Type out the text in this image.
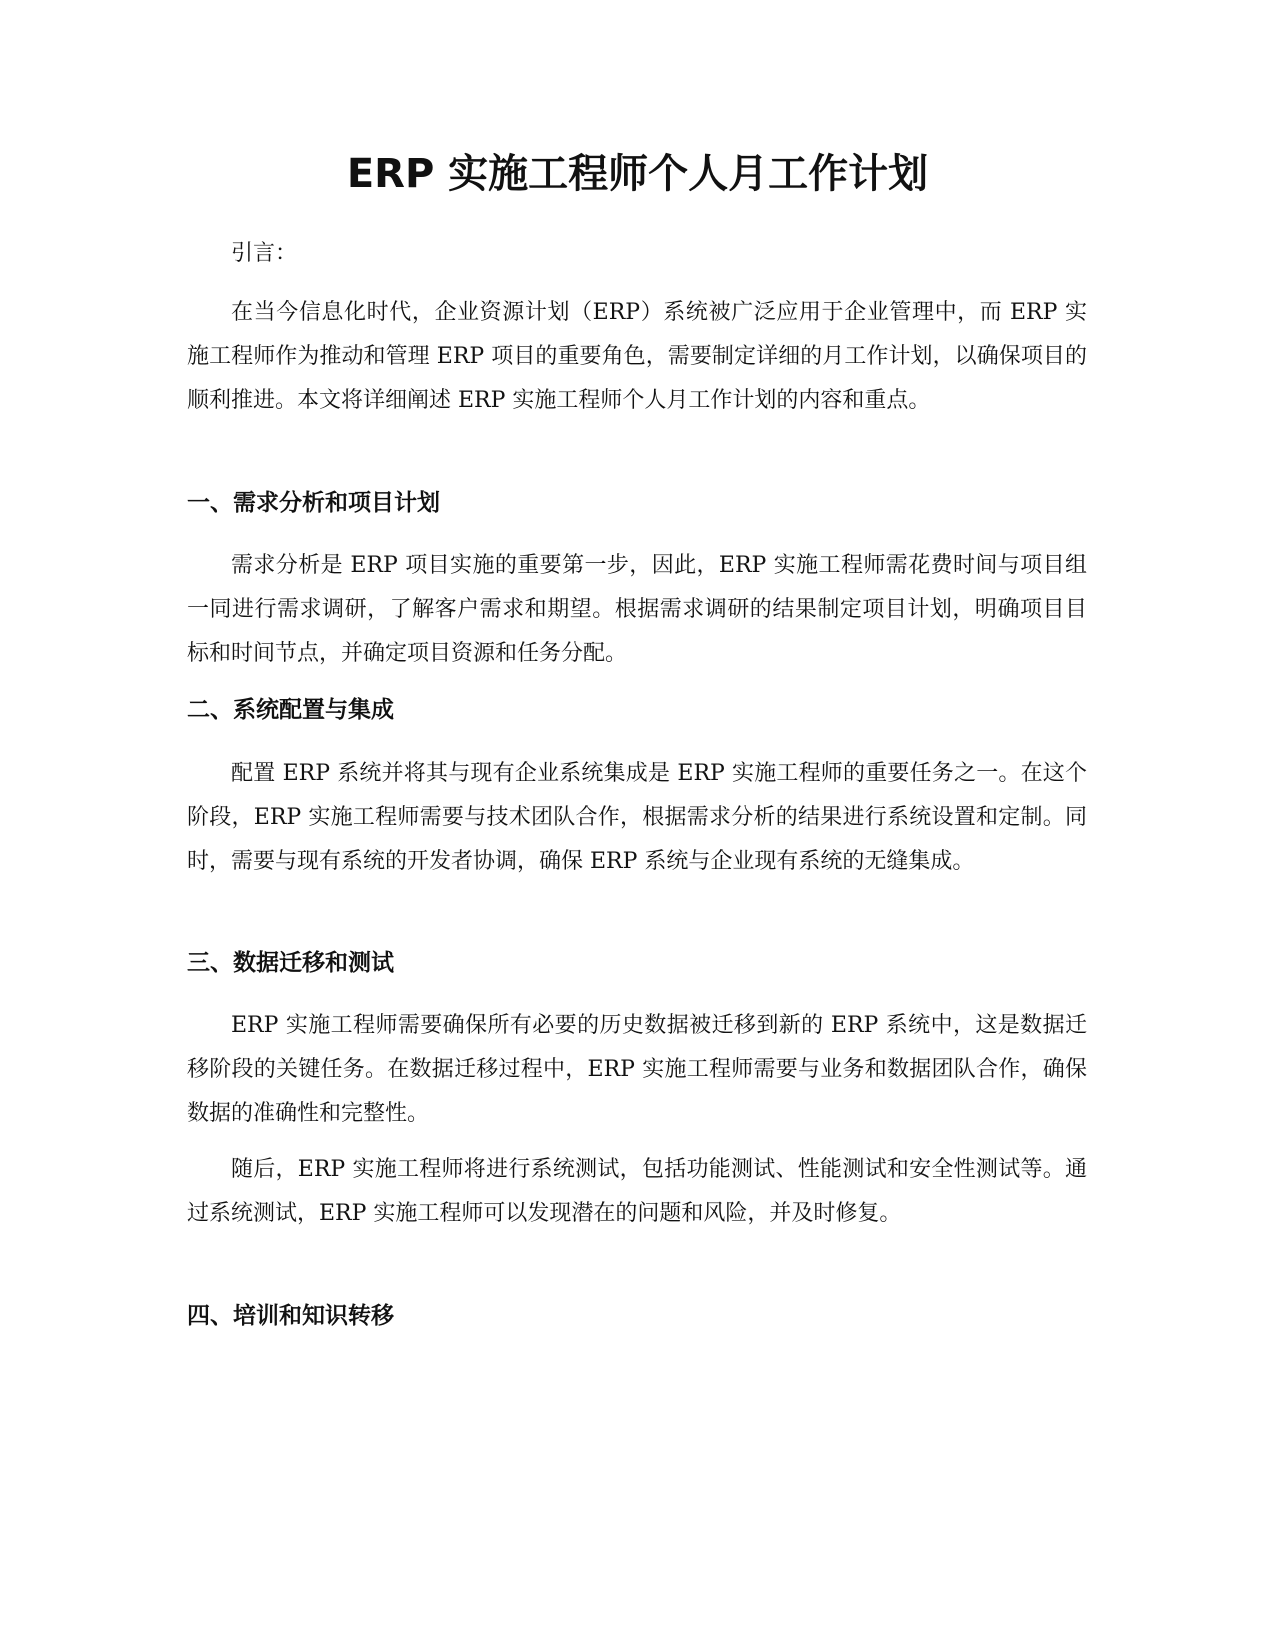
ERP 实施工程师个人月工作计划

引言：

在当今信息化时代，企业资源计划（ERP）系统被广泛应用于企业管理中，而 ERP 实施工程师作为推动和管理 ERP 项目的重要角色，需要制定详细的月工作计划，以确保项目的顺利推进。本文将详细阐述 ERP 实施工程师个人月工作计划的内容和重点。

一、需求分析和项目计划

需求分析是 ERP 项目实施的重要第一步，因此，ERP 实施工程师需花费时间与项目组一同进行需求调研，了解客户需求和期望。根据需求调研的结果制定项目计划，明确项目目标和时间节点，并确定项目资源和任务分配。

二、系统配置与集成

配置 ERP 系统并将其与现有企业系统集成是 ERP 实施工程师的重要任务之一。在这个阶段，ERP 实施工程师需要与技术团队合作，根据需求分析的结果进行系统设置和定制。同时，需要与现有系统的开发者协调，确保 ERP 系统与企业现有系统的无缝集成。

三、数据迁移和测试

ERP 实施工程师需要确保所有必要的历史数据被迁移到新的 ERP 系统中，这是数据迁移阶段的关键任务。在数据迁移过程中，ERP 实施工程师需要与业务和数据团队合作，确保数据的准确性和完整性。

随后，ERP 实施工程师将进行系统测试，包括功能测试、性能测试和安全性测试等。通过系统测试，ERP 实施工程师可以发现潜在的问题和风险，并及时修复。

四、培训和知识转移
